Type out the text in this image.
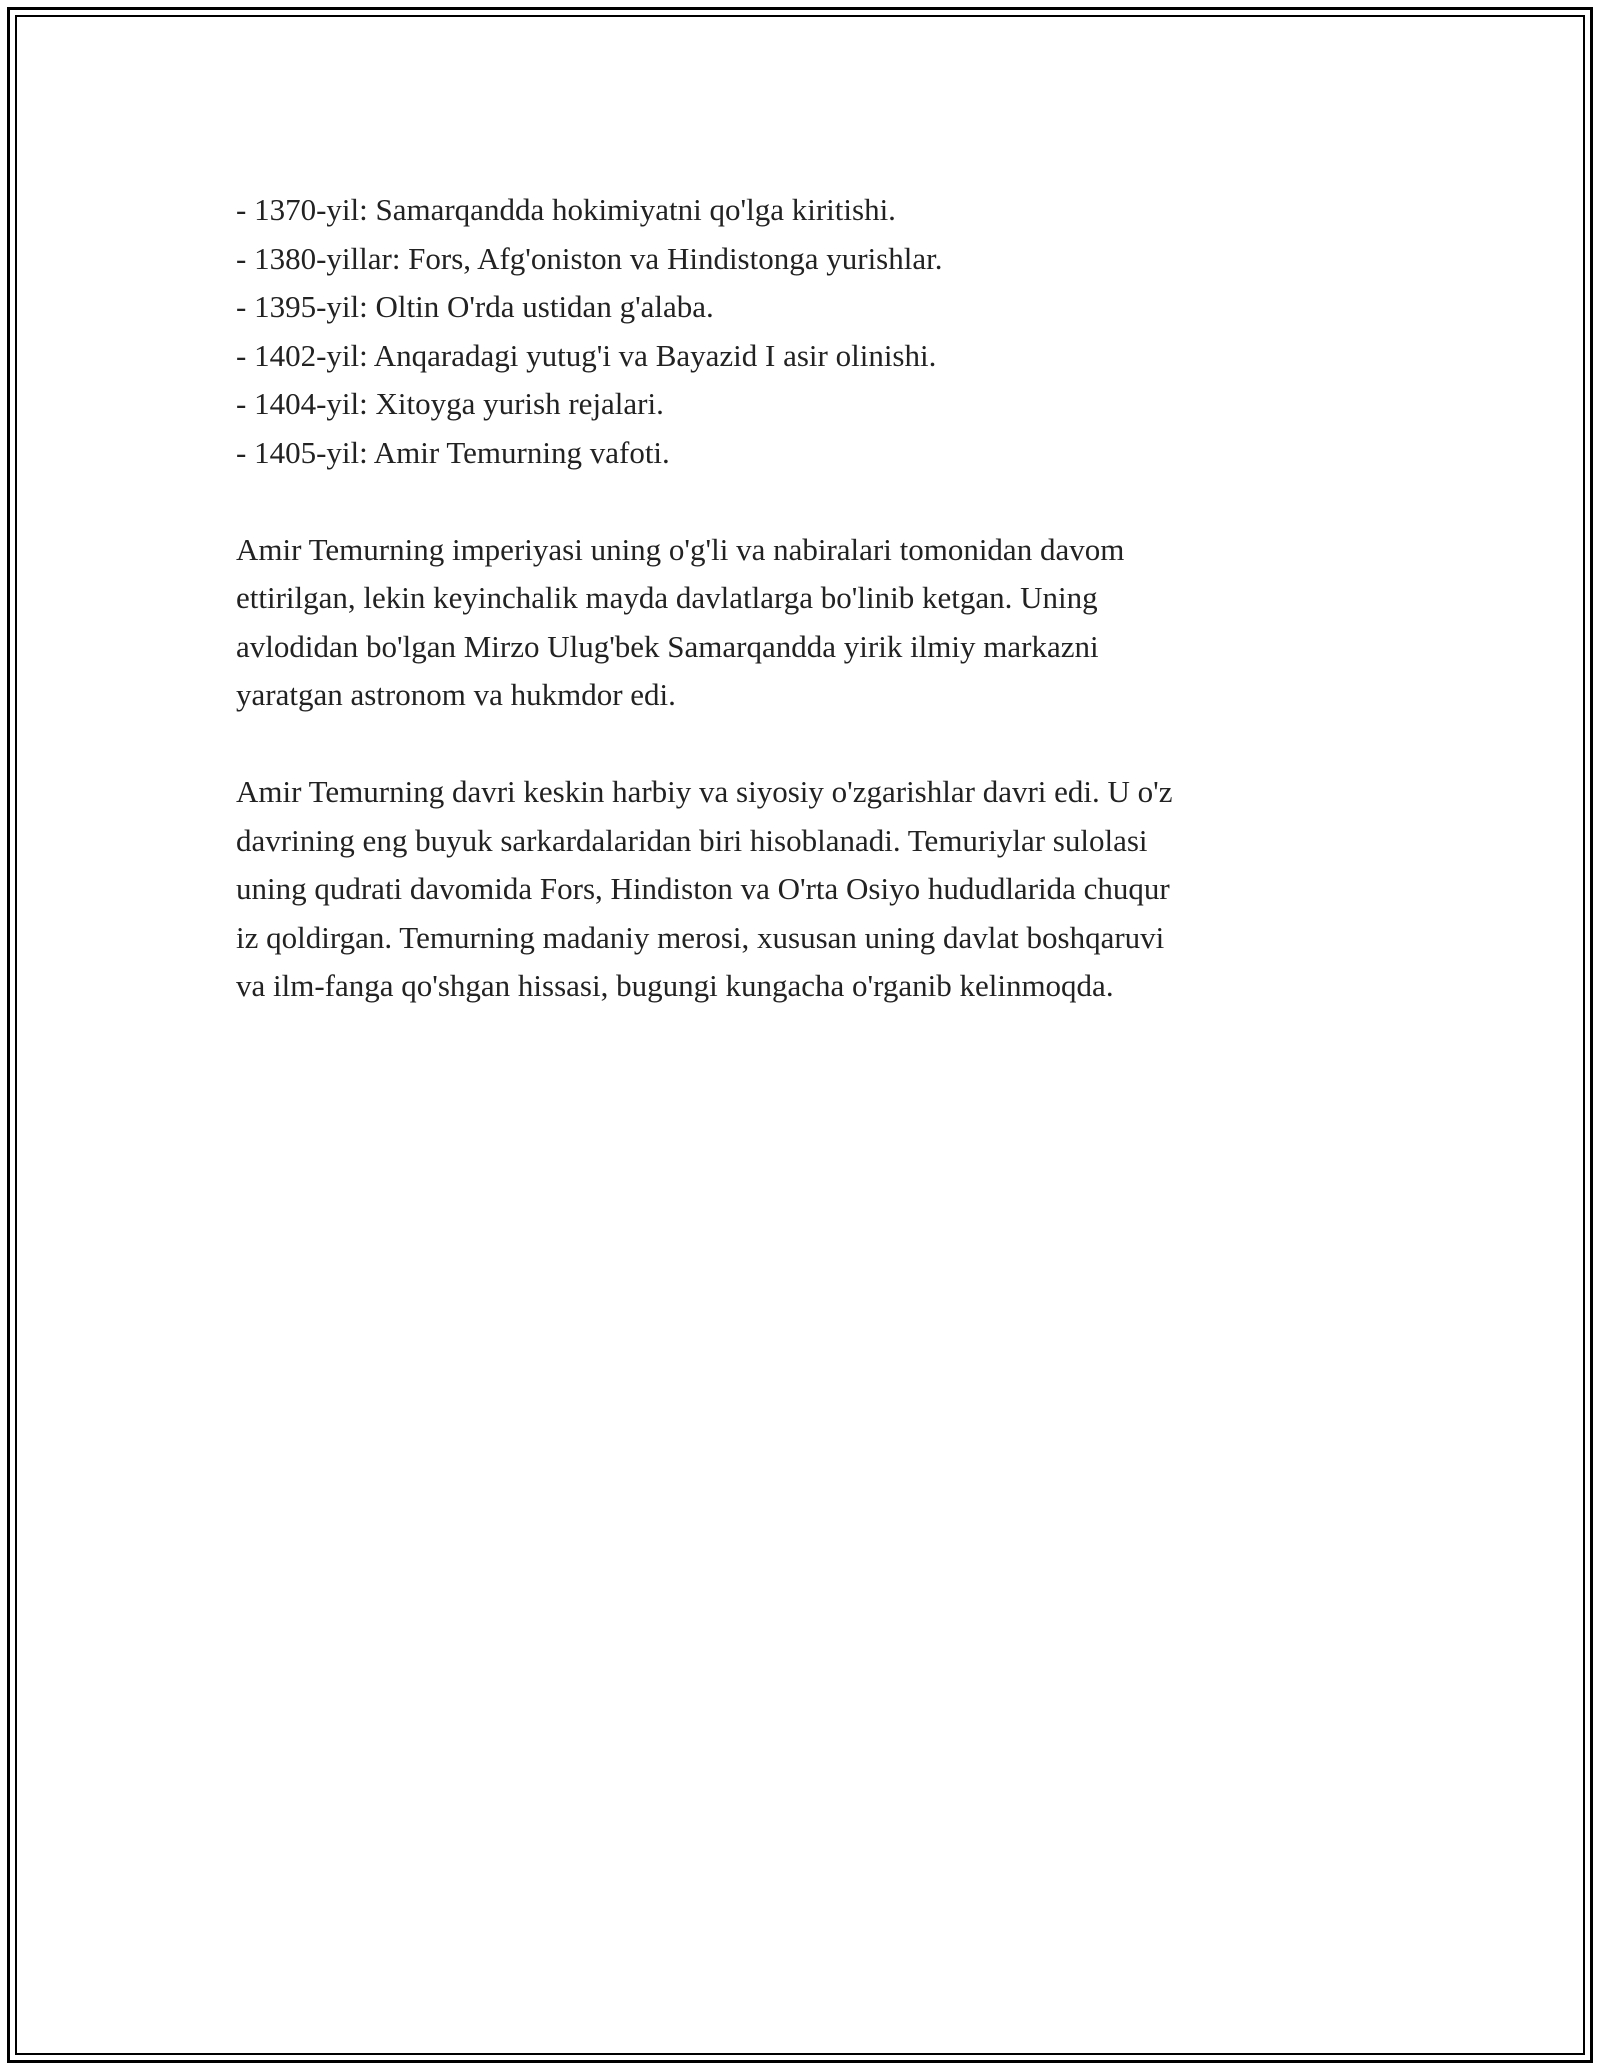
- 1370-yil: Samarqandda hokimiyatni qo'lga kiritishi.
- 1380-yillar: Fors, Afg'oniston va Hindistonga yurishlar.
- 1395-yil: Oltin O'rda ustidan g'alaba.
- 1402-yil: Anqaradagi yutug'i va Bayazid I asir olinishi.
- 1404-yil: Xitoyga yurish rejalari.
- 1405-yil: Amir Temurning vafoti.
Amir Temurning imperiyasi uning o'g'li va nabiralari tomonidan davom
ettirilgan, lekin keyinchalik mayda davlatlarga bo'linib ketgan. Uning
avlodidan bo'lgan Mirzo Ulug'bek Samarqandda yirik ilmiy markazni
yaratgan astronom va hukmdor edi.
Amir Temurning davri keskin harbiy va siyosiy o'zgarishlar davri edi. U o'z
davrining eng buyuk sarkardalaridan biri hisoblanadi. Temuriylar sulolasi
uning qudrati davomida Fors, Hindiston va O'rta Osiyo hududlarida chuqur
iz qoldirgan. Temurning madaniy merosi, xususan uning davlat boshqaruvi
va ilm-fanga qo'shgan hissasi, bugungi kungacha o'rganib kelinmoqda.
